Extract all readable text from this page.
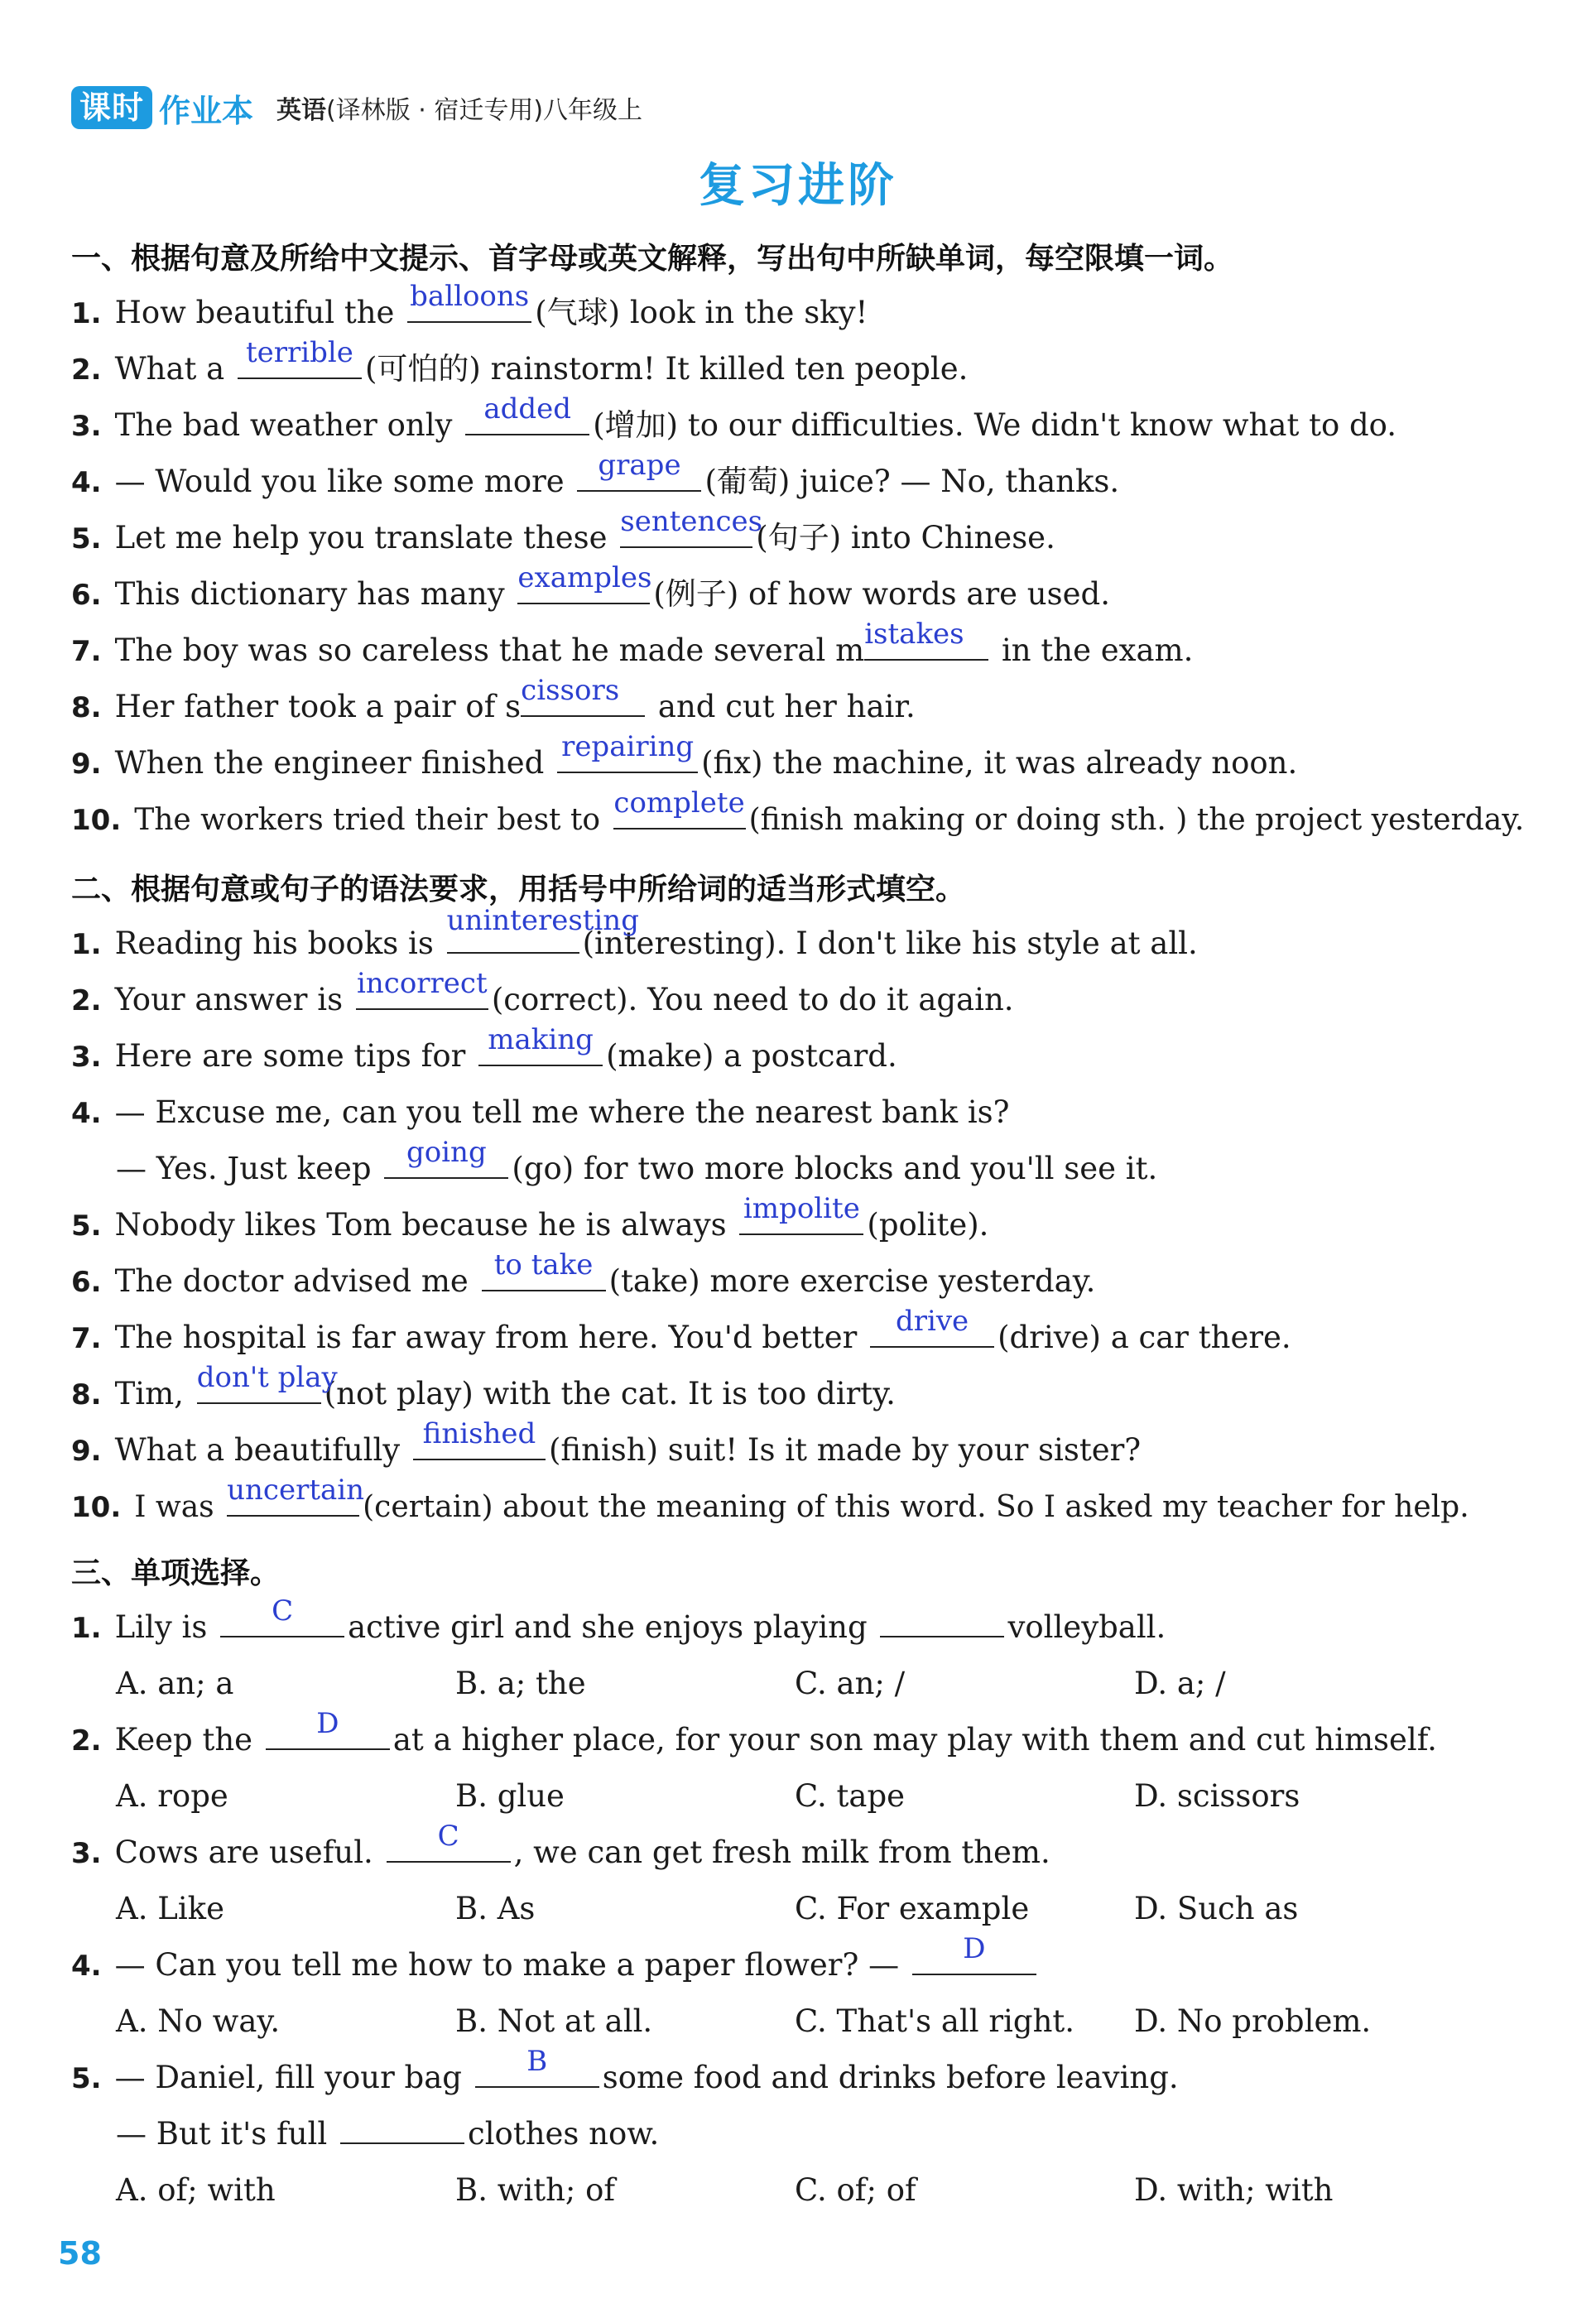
课时 作业本 英语(译林版 · 宿迁专用)八年级上
复习进阶
一、根据句意及所给中文提示、首字母或英文解释，写出句中所缺单词，每空限填一词。
1. How beautiful the balloons (气球) look in the sky!
2. What a terrible (可怕的) rainstorm! It killed ten people.
3. The bad weather only	added (增加) to our difficulties. We didn't know what to do.
4. — Would you like some more	grape (葡萄) juice? — No, thanks.
5. Let me help you translate these sentences
(句子) into Chinese.
6. This dictionary has many examples (例子) of how words are used.
7. The boy was so careless that he made several m istakes	in the exam.
8. Her father took a pair of s cissors	and cut her hair.
9. When the engineer finished repairing (fix) the machine, it was already noon.
10. The workers tried their best to complete (finish making or doing sth. ) the project yesterday.
二、根据句意或句子的语法要求，用括号中所给词的适当形式填空。
1. Reading his books is
uninteresting
(interesting). I don't like his style at all.
2. Your answer is incorrect (correct). You need to do it again.
3. Here are some tips for making (make) a postcard.
4. — Excuse me, can you tell me where the nearest bank is?
— Yes. Just keep	going (go) for two more blocks and you'll see it.
5. Nobody likes Tom because he is always impolite (polite).
6. The doctor advised me to take (take) more exercise yesterday.
7. The hospital is far away from here. You'd better	drive (drive) a car there.
8. Tim, don't play
(not play) with the cat. It is too dirty.
9. What a beautifully finished (finish) suit! Is it made by your sister?
10. I was uncertain
(certain) about the meaning of this word. So I asked my teacher for help.
三、单项选择。
1. Lily is	C	active girl and she enjoys playing	volleyball.
A. an; a	B. a; the	C. an; /	D. a; /
2. Keep the	D	at a higher place, for your son may play with them and cut himself.
A. rope	B. glue	C. tape	D. scissors
3. Cows are useful.	C	, we can get fresh milk from them.
A. Like	B. As	C. For example	D. Such as
4. — Can you tell me how to make a paper flower? —	D
A. No way.	B. Not at all.	C. That's all right. D. No problem.
5. — Daniel, fill your bag	B	some food and drinks before leaving.
— But it's full	clothes now.
A. of; with	B. with; of	C. of; of	D. with; with
58
